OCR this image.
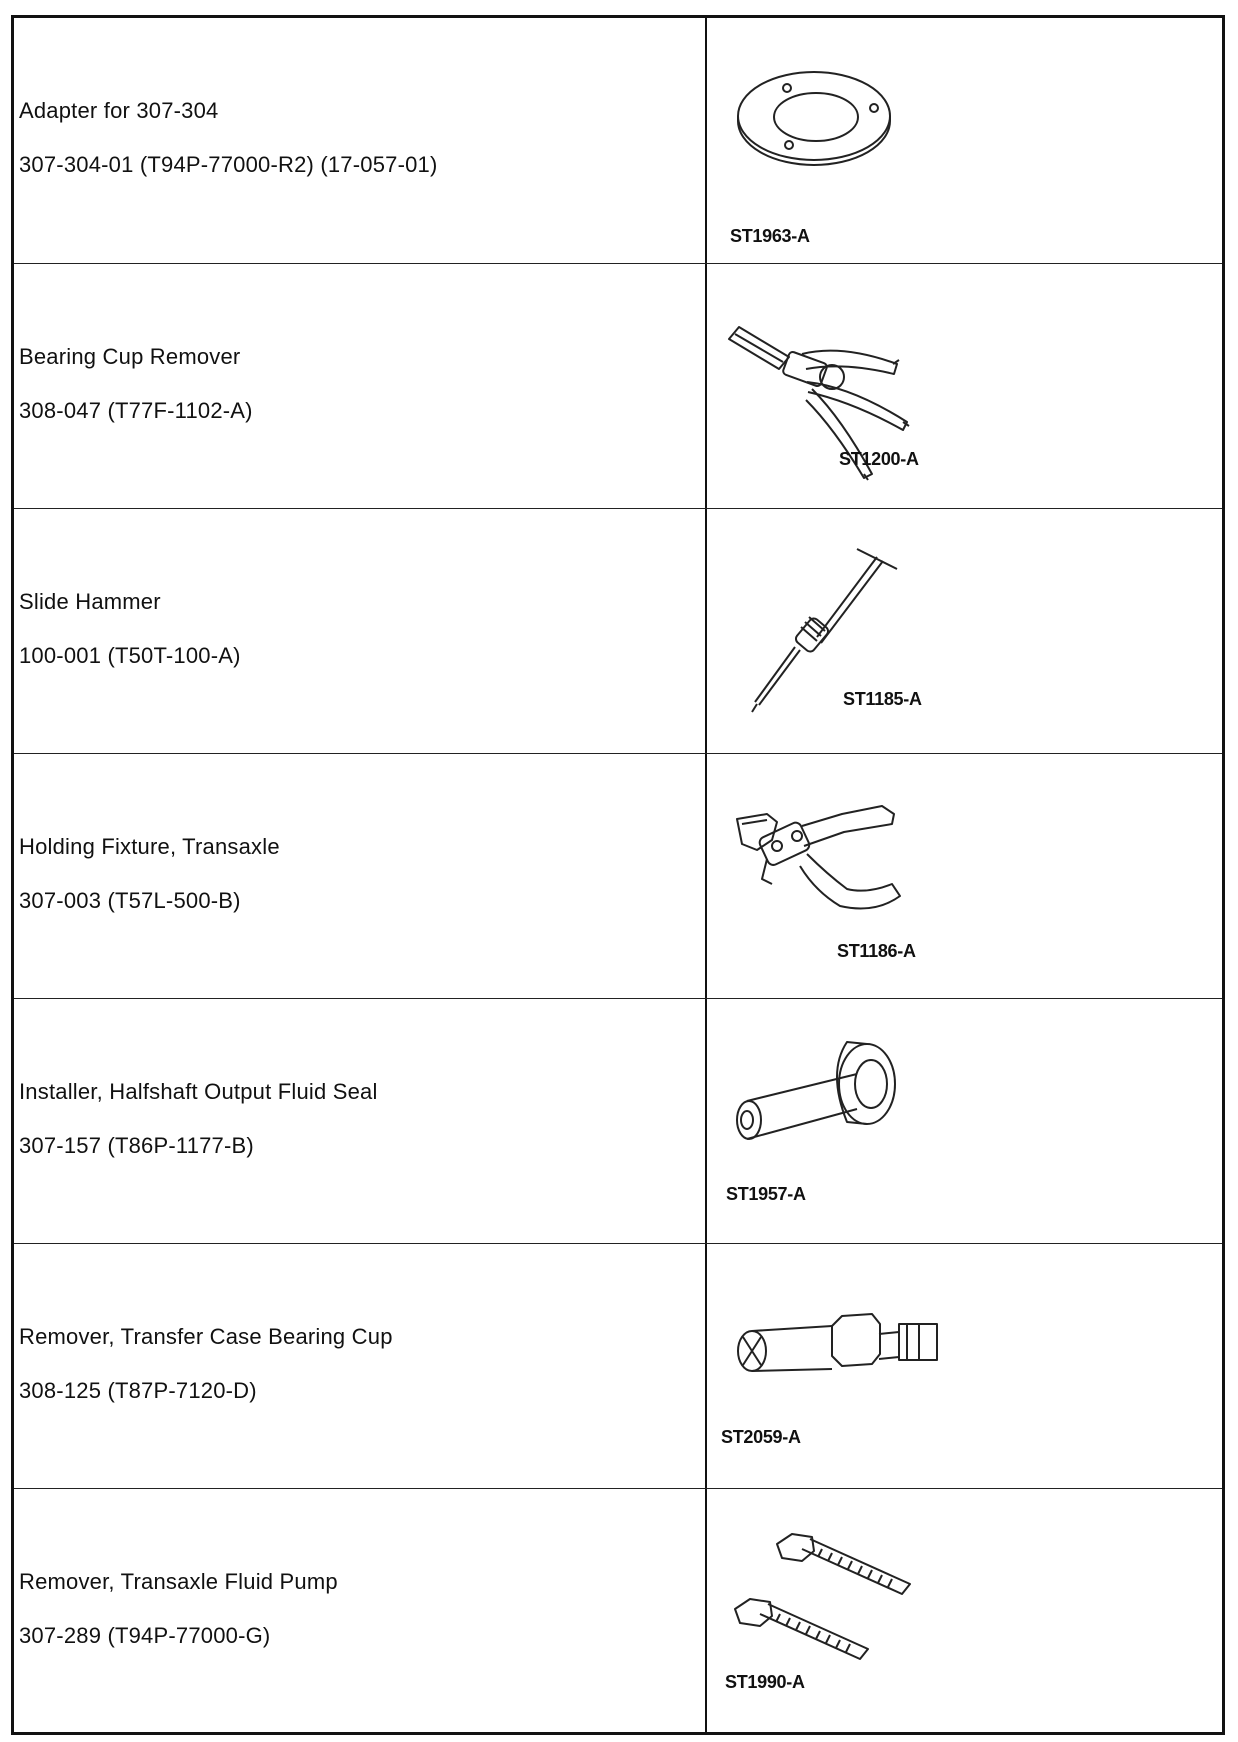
Adapter for 307-304
307-304-01 (T94P-77000-R2) (17-057-01)
ST1963-A
Bearing Cup Remover
308-047 (T77F-1102-A)
ST1200-A
Slide Hammer
100-001 (T50T-100-A)
ST1185-A
Holding Fixture, Transaxle
307-003 (T57L-500-B)
ST1186-A
Installer, Halfshaft Output Fluid Seal
307-157 (T86P-1177-B)
ST1957-A
Remover, Transfer Case Bearing Cup
308-125 (T87P-7120-D)
ST2059-A
Remover, Transaxle Fluid Pump
307-289 (T94P-77000-G)
ST1990-A
